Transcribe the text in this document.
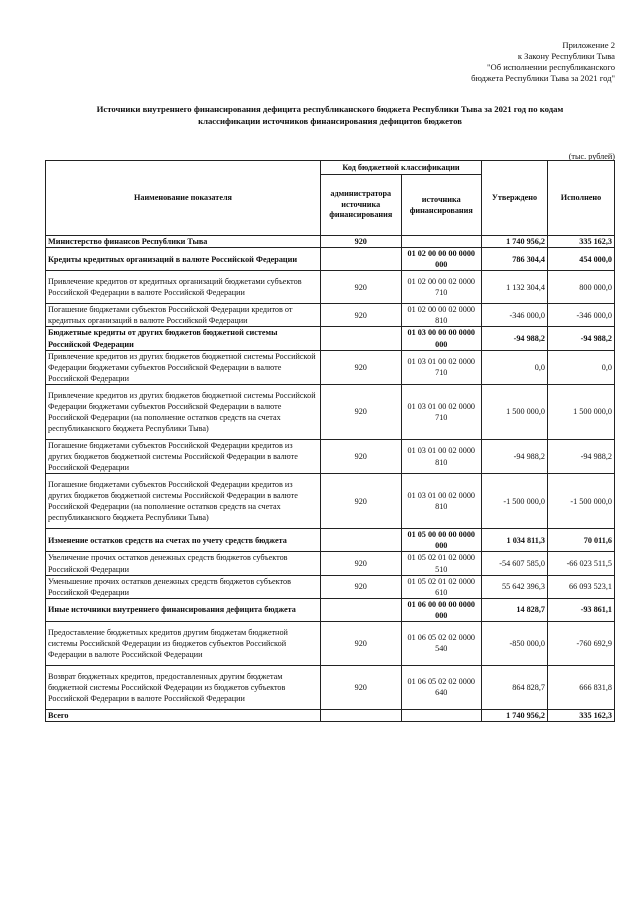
Приложение 2
к Закону Республики Тыва
"Об исполнении республиканского
бюджета Республики Тыва за 2021 год"
Источники внутреннего финансирования дефицита республиканского бюджета Республики Тыва за 2021 год по кодам
классификации источников финансирования дефицитов бюджетов
(тыс. рублей)
Наименование показателя	Код бюджетной классификации		Утверждено	Исполнено
	администратора источника финансирования	источника финансирования		
Министерство финансов Республики Тыва	920		1 740 956,2	335 162,3
Кредиты кредитных организаций в валюте Российской Федерации		01 02 00 00 00 0000 000	786 304,4	454 000,0
Привлечение кредитов от кредитных организаций бюджетами субъектов Российской Федерации в валюте Российской Федерации	920	01 02 00 00 02 0000 710	1 132 304,4	800 000,0
Погашение бюджетами субъектов Российской Федерации кредитов от кредитных организаций в валюте Российской Федерации	920	01 02 00 00 02 0000 810	-346 000,0	-346 000,0
Бюджетные кредиты от других бюджетов бюджетной системы Российской Федерации		01 03 00 00 00 0000 000	-94 988,2	-94 988,2
Привлечение кредитов из других бюджетов бюджетной системы Российской Федерации бюджетами субъектов Российской Федерации в валюте Российской Федерации	920	01 03 01 00 02 0000 710	0,0	0,0
Привлечение кредитов из других бюджетов бюджетной системы Российской Федерации бюджетами субъектов Российской Федерации в валюте Российской Федерации (на пополнение остатков средств на счетах республиканского бюджета Республики Тыва)	920	01 03 01 00 02 0000 710	1 500 000,0	1 500 000,0
Погашение бюджетами субъектов Российской Федерации кредитов из других бюджетов бюджетной системы Российской Федерации в валюте Российской Федерации	920	01 03 01 00 02 0000 810	-94 988,2	-94 988,2
Погашение бюджетами субъектов Российской Федерации кредитов из других бюджетов бюджетной системы Российской Федерации в валюте Российской Федерации (на пополнение остатков средств на счетах республиканского бюджета Республики Тыва)	920	01 03 01 00 02 0000 810	-1 500 000,0	-1 500 000,0
Изменение остатков средств на счетах по учету средств бюджета		01 05 00 00 00 0000 000	1 034 811,3	70 011,6
Увеличение прочих остатков денежных средств бюджетов субъектов Российской Федерации	920	01 05 02 01 02 0000 510	-54 607 585,0	-66 023 511,5
Уменьшение прочих остатков денежных средств бюджетов субъектов Российской Федерации	920	01 05 02 01 02 0000 610	55 642 396,3	66 093 523,1
Иные источники внутреннего финансирования дефицита бюджета		01 06 00 00 00 0000 000	14 828,7	-93 861,1
Предоставление бюджетных кредитов другим бюджетам бюджетной системы Российской Федерации из бюджетов субъектов Российской Федерации в валюте Российской Федерации	920	01 06 05 02 02 0000 540	-850 000,0	-760 692,9
Возврат бюджетных кредитов, предоставленных другим бюджетам бюджетной системы Российской Федерации из бюджетов субъектов Российской Федерации в валюте Российской Федерации	920	01 06 05 02 02 0000 640	864 828,7	666 831,8
Всего			1 740 956,2	335 162,3
